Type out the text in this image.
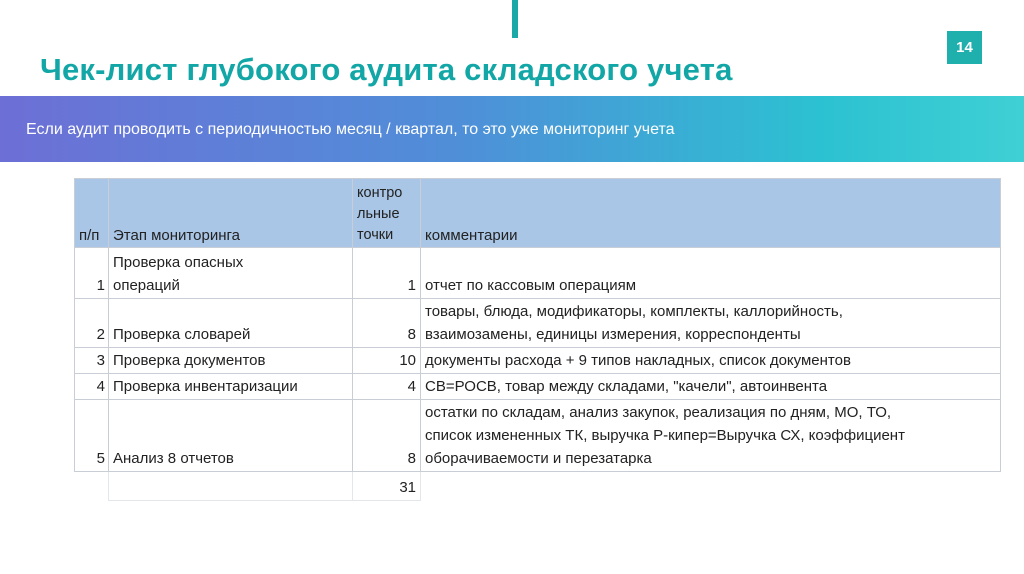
14
Чек-лист глубокого аудита складского учета
Если аудит проводить с периодичностью месяц / квартал, то это уже мониторинг учета
п/п	Этап мониторинга	контро
льные
точки	комментарии
1	Проверка опасных
операций	1	отчет по кассовым операциям
2	Проверка словарей	8	товары, блюда, модификаторы, комплекты, каллорийность,
взаимозамены, единицы измерения, корреспонденты

3	Проверка документов	10	документы расхода + 9 типов накладных, список документов
4	Проверка инвентаризации	4	СВ=РОСВ, товар между складами, "качели", автоинвента
5	Анализ 8 отчетов	8	остатки по складам, анализ закупок, реализация по дням, МО, ТО,
список измененных ТК, выручка Р-кипер=Выручка СХ, коэффициент
оборачиваемости и перезатарка

		31	
